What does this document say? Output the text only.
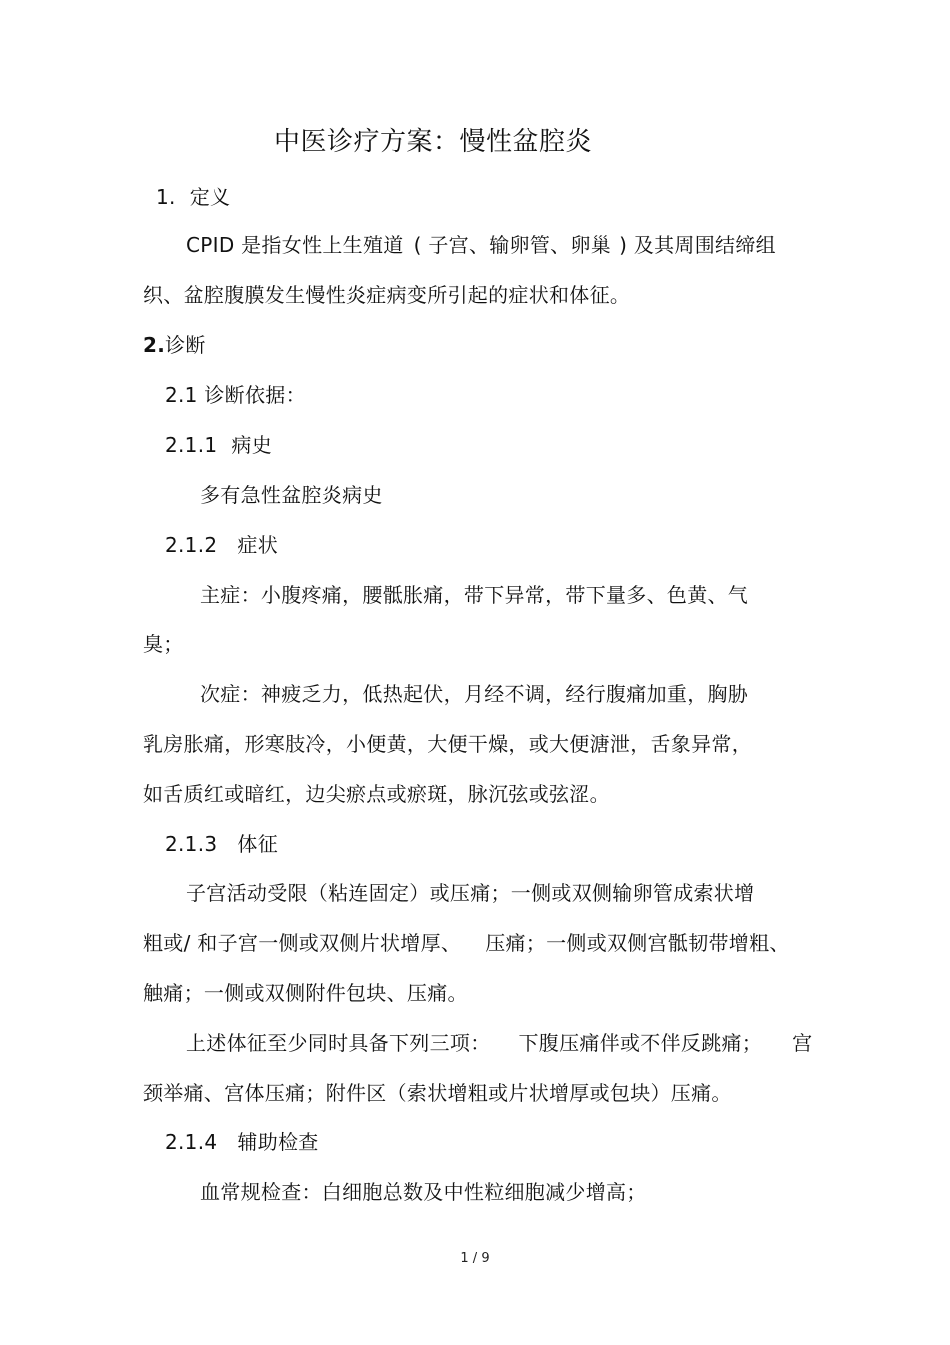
中医诊疗方案：慢性盆腔炎
1. 定义
CPID 是指女性上生殖道 ( 子宫、输卵管、卵巢 ) 及其周围结缔组
织、盆腔腹膜发生慢性炎症病变所引起的症状和体征。
2.诊断
2.1 诊断依据：
2.1.1 病史
多有急性盆腔炎病史
2.1.2 症状
主症：小腹疼痛，腰骶胀痛，带下异常，带下量多、色黄、气
臭；
次症：神疲乏力，低热起伏，月经不调，经行腹痛加重，胸胁
乳房胀痛，形寒肢冷，小便黄，大便干燥，或大便溏泄，舌象异常，
如舌质红或暗红，边尖瘀点或瘀斑，脉沉弦或弦涩。
2.1.3 体征
子宫活动受限（粘连固定）或压痛；一侧或双侧输卵管成索状增
粗或/ 和子宫一侧或双侧片状增厚、 压痛；一侧或双侧宫骶韧带增粗、
触痛；一侧或双侧附件包块、压痛。
上述体征至少同时具备下列三项： 下腹压痛伴或不伴反跳痛； 宫
颈举痛、宫体压痛；附件区（索状增粗或片状增厚或包块）压痛。
2.1.4 辅助检查
血常规检查：白细胞总数及中性粒细胞减少增高；
1 / 9
